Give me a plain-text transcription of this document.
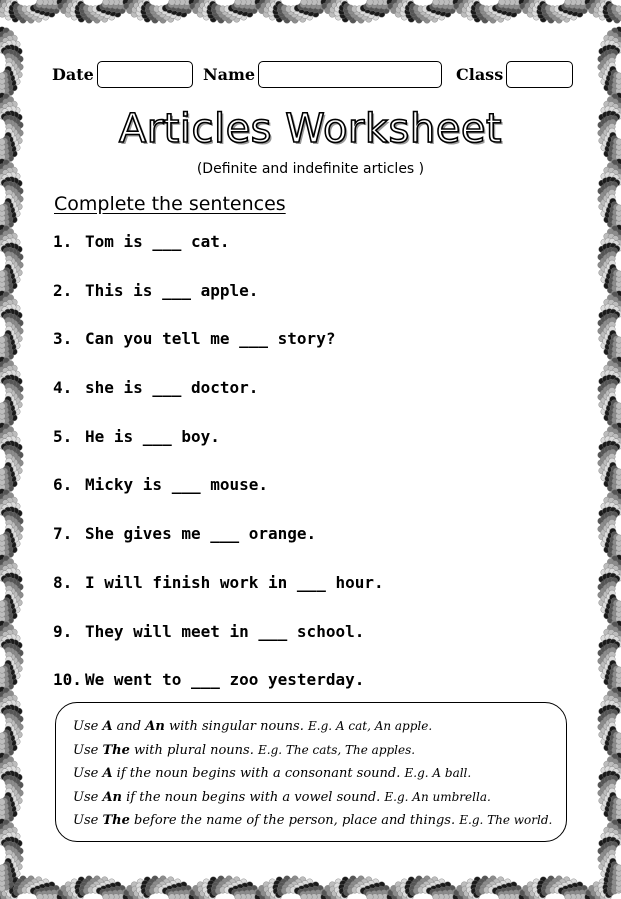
Date	Name	Class
Articles Worksheet
(Definite and indefinite articles )
Complete the sentences
1. Tom is ___ cat.
2. This is ___ apple.
3. Can you tell me ___ story?
4. she is ___ doctor.
5. He is ___ boy.
6. Micky is ___ mouse.
7. She gives me ___ orange.
8. I will finish work in ___ hour.
9. They will meet in ___ school.
10. We went to ___ zoo yesterday.
Use A and An with singular nouns. E.g. A cat, An apple.
Use The with plural nouns. E.g. The cats, The apples.
Use A if the noun begins with a consonant sound. E.g. A ball.
Use An if the noun begins with a vowel sound. E.g. An umbrella.
Use The before the name of the person, place and things. E.g. The world.
